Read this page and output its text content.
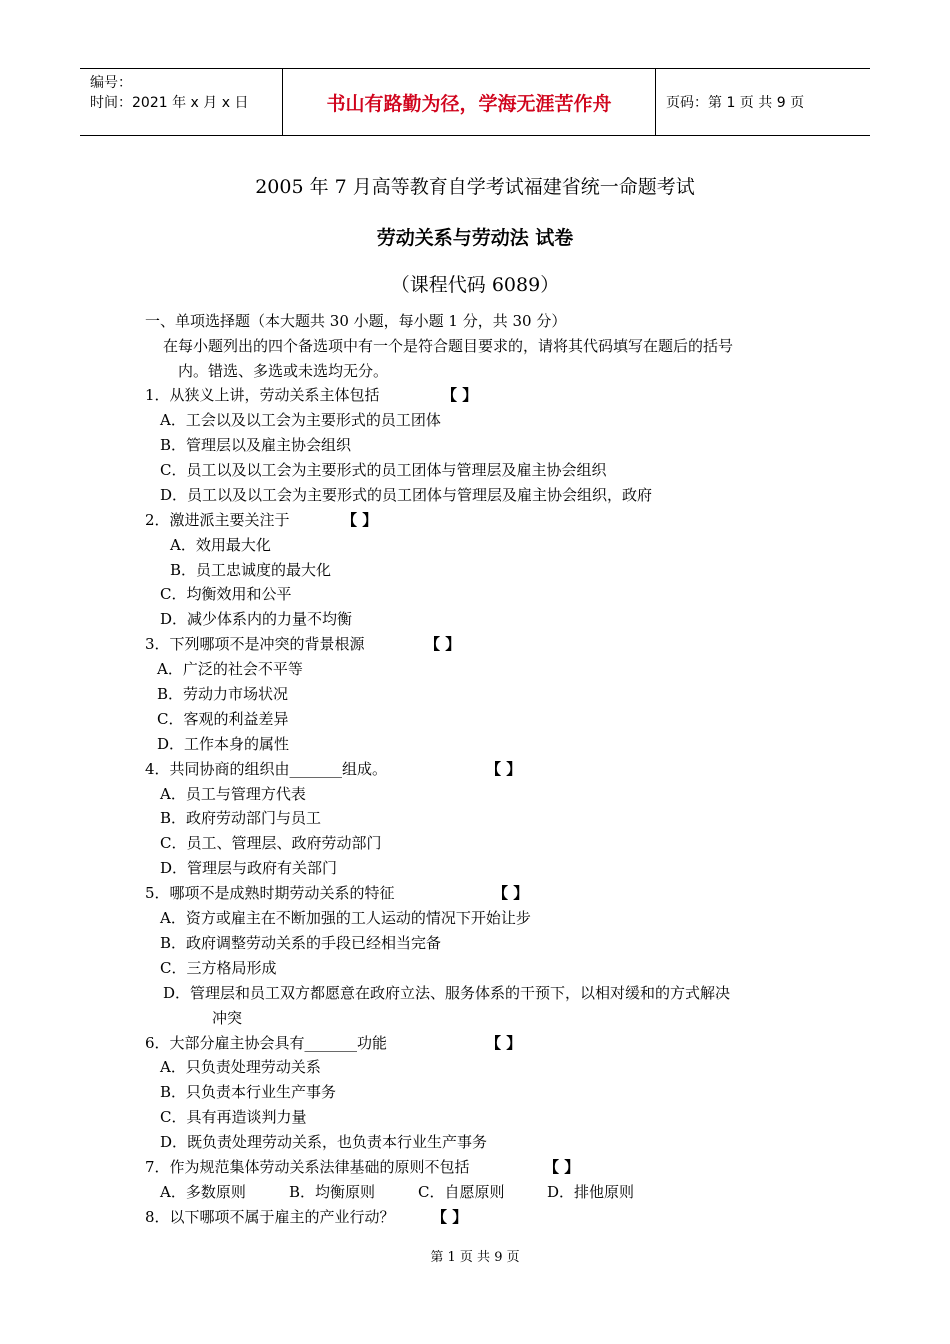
编号：
时间：2021 年 x 月 x 日	书山有路勤为径，学海无涯苦作舟	页码：第 1 页 共 9 页
2005 年 7 月高等教育自学考试福建省统一命题考试
劳动关系与劳动法 试卷
（课程代码 6089）
一、单项选择题（本大题共 30 小题，每小题 1 分，共 30 分）
在每小题列出的四个备选项中有一个是符合题目要求的，请将其代码填写在题后的括号
内。错选、多选或未选均无分。
1．从狭义上讲，劳动关系主体包括	【 】
A．工会以及以工会为主要形式的员工团体
B．管理层以及雇主协会组织
C．员工以及以工会为主要形式的员工团体与管理层及雇主协会组织
D．员工以及以工会为主要形式的员工团体与管理层及雇主协会组织，政府
2．激进派主要关注于	【 】
A．效用最大化
B．员工忠诚度的最大化
C．均衡效用和公平
D．减少体系内的力量不均衡
3．下列哪项不是冲突的背景根源	【 】
A．广泛的社会不平等
B．劳动力市场状况
C．客观的利益差异
D．工作本身的属性
4．共同协商的组织由_______组成。	【 】
A．员工与管理方代表
B．政府劳动部门与员工
C．员工、管理层、政府劳动部门
D．管理层与政府有关部门
5．哪项不是成熟时期劳动关系的特征	【 】
A．资方或雇主在不断加强的工人运动的情况下开始让步
B．政府调整劳动关系的手段已经相当完备
C．三方格局形成
D．管理层和员工双方都愿意在政府立法、服务体系的干预下，以相对缓和的方式解决
冲突
6．大部分雇主协会具有_______功能	【 】
A．只负责处理劳动关系
B．只负责本行业生产事务
C．具有再造谈判力量
D．既负责处理劳动关系，也负责本行业生产事务
7．作为规范集体劳动关系法律基础的原则不包括	【 】
A．多数原则	B．均衡原则	C．自愿原则	D．排他原则
8．以下哪项不属于雇主的产业行动？ 【 】
第 1 页 共 9 页
